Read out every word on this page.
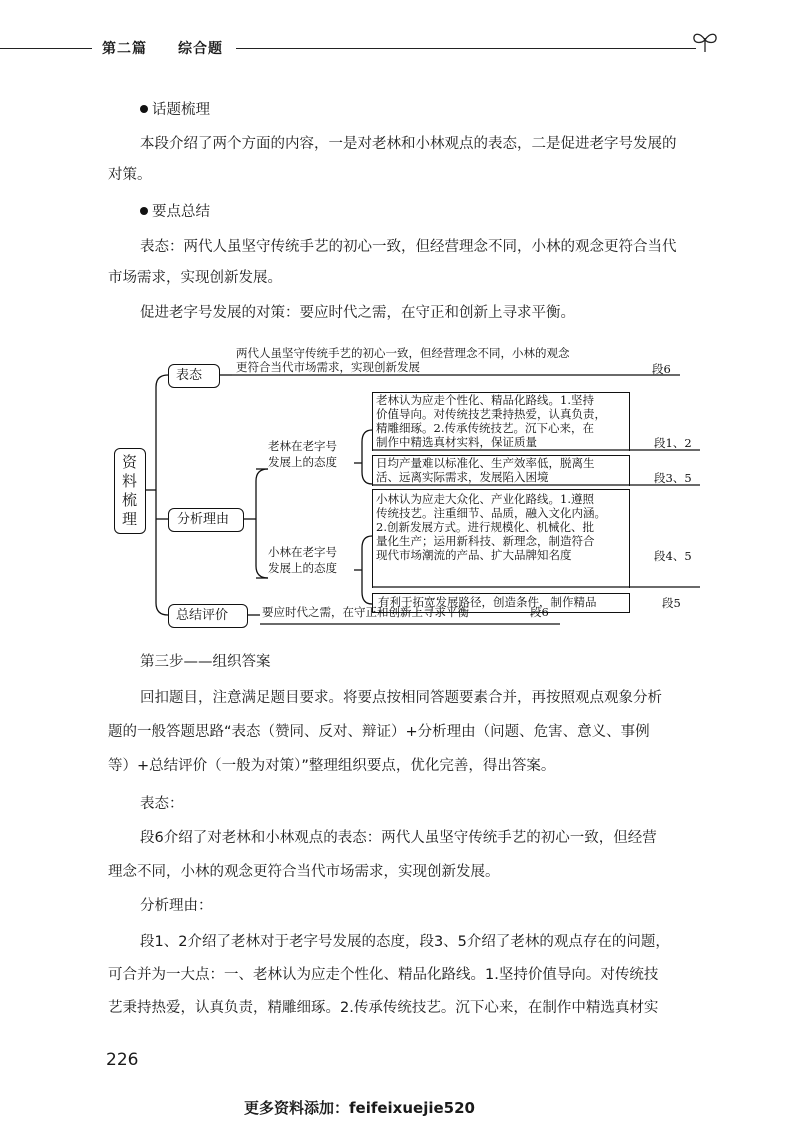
第二篇 综合题
话题梳理
本段介绍了两个方面的内容，一是对老林和小林观点的表态，二是促进老字号发展的
对策。
要点总结
表态：两代人虽坚守传统手艺的初心一致，但经营理念不同，小林的观念更符合当代
市场需求，实现创新发展。
促进老字号发展的对策：要应时代之需，在守正和创新上寻求平衡。
资料梳理
表态
两代人虽坚守传统手艺的初心一致，但经营理念不同，小林的观念
更符合当代市场需求，实现创新发展	段6
分析理由
老林在老字号
发展上的态度
老林认为应走个性化、精品化路线。1.坚持
价值导向。对传统技艺秉持热爱，认真负责，
精雕细琢。2.传承传统技艺。沉下心来，在
制作中精选真材实料，保证质量	段1、2
日均产量难以标准化、生产效率低，脱离生
活、远离实际需求，发展陷入困境	段3、5
小林在老字号
发展上的态度
小林认为应走大众化、产业化路线。1.遵照
传统技艺。注重细节、品质，融入文化内涵。
2.创新发展方式。进行规模化、机械化、批
量化生产；运用新科技、新理念，制造符合
现代市场潮流的产品、扩大品牌知名度	段4、5
有利于拓宽发展路径，创造条件，制作精品	段5
总结评价	要应时代之需，在守正和创新上寻求平衡	段6
第三步——组织答案
回扣题目，注意满足题目要求。将要点按相同答题要素合并，再按照观点观象分析
题的一般答题思路“表态（赞同、反对、辩证）+分析理由（问题、危害、意义、事例
等）+总结评价（一般为对策）”整理组织要点，优化完善，得出答案。
表态：
段6介绍了对老林和小林观点的表态：两代人虽坚守传统手艺的初心一致，但经营
理念不同，小林的观念更符合当代市场需求，实现创新发展。
分析理由：
段1、2介绍了老林对于老字号发展的态度，段3、5介绍了老林的观点存在的问题，
可合并为一大点：一、老林认为应走个性化、精品化路线。1.坚持价值导向。对传统技
艺秉持热爱，认真负责，精雕细琢。2.传承传统技艺。沉下心来，在制作中精选真材实
226
更多资料添加：feifeixuejie520
